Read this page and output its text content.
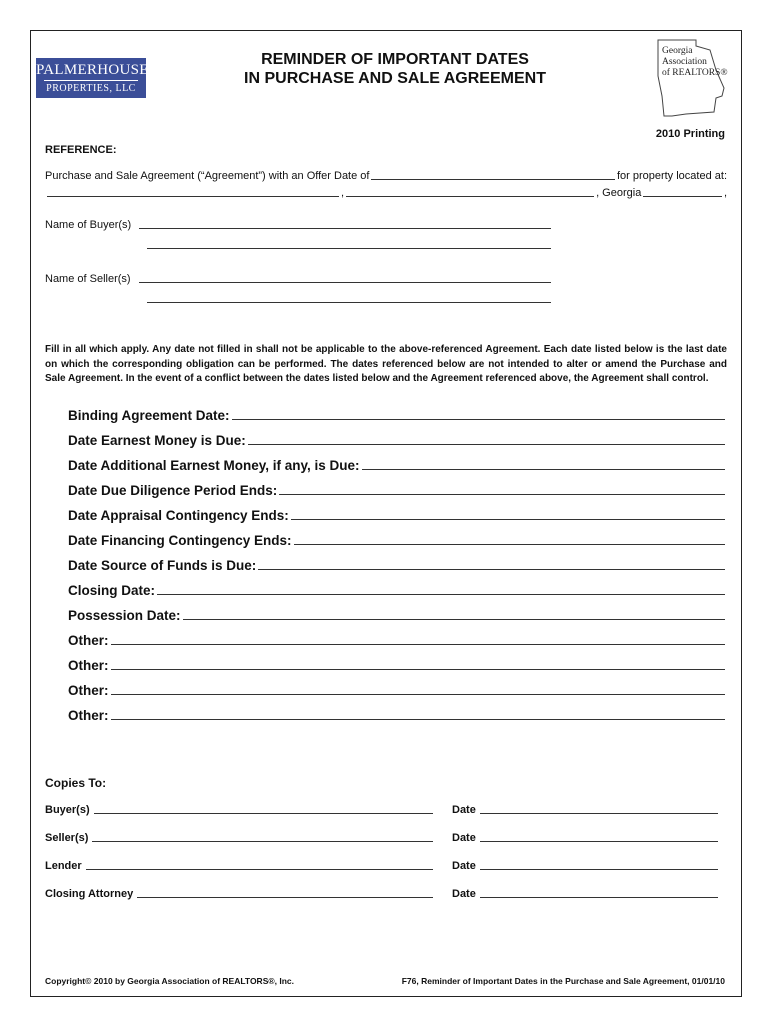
PALMERHOUSE
PROPERTIES, LLC
REMINDER OF IMPORTANT DATES
IN PURCHASE AND SALE AGREEMENT
Georgia
Association
of REALTORS®
2010 Printing
REFERENCE:
Purchase and Sale Agreement (“Agreement”) with an Offer Date of	for property located at:
,	, Georgia	,
Name of Buyer(s)
Name of Seller(s)
Fill in all which apply. Any date not filled in shall not be applicable to the above-referenced Agreement. Each date listed below is the last date on which the corresponding obligation can be performed. The dates referenced below are not intended to alter or amend the Purchase and Sale Agreement. In the event of a conflict between the dates listed below and the Agreement referenced above, the Agreement shall control.
Binding Agreement Date:
Date Earnest Money is Due:
Date Additional Earnest Money, if any, is Due:
Date Due Diligence Period Ends:
Date Appraisal Contingency Ends:
Date Financing Contingency Ends:
Date Source of Funds is Due:
Closing Date:
Possession Date:
Other:
Other:
Other:
Other:
Copies To:
Buyer(s)	Date
Seller(s)	Date
Lender	Date
Closing Attorney	Date
Copyright© 2010 by Georgia Association of REALTORS®, Inc.	F76, Reminder of Important Dates in the Purchase and Sale Agreement, 01/01/10
